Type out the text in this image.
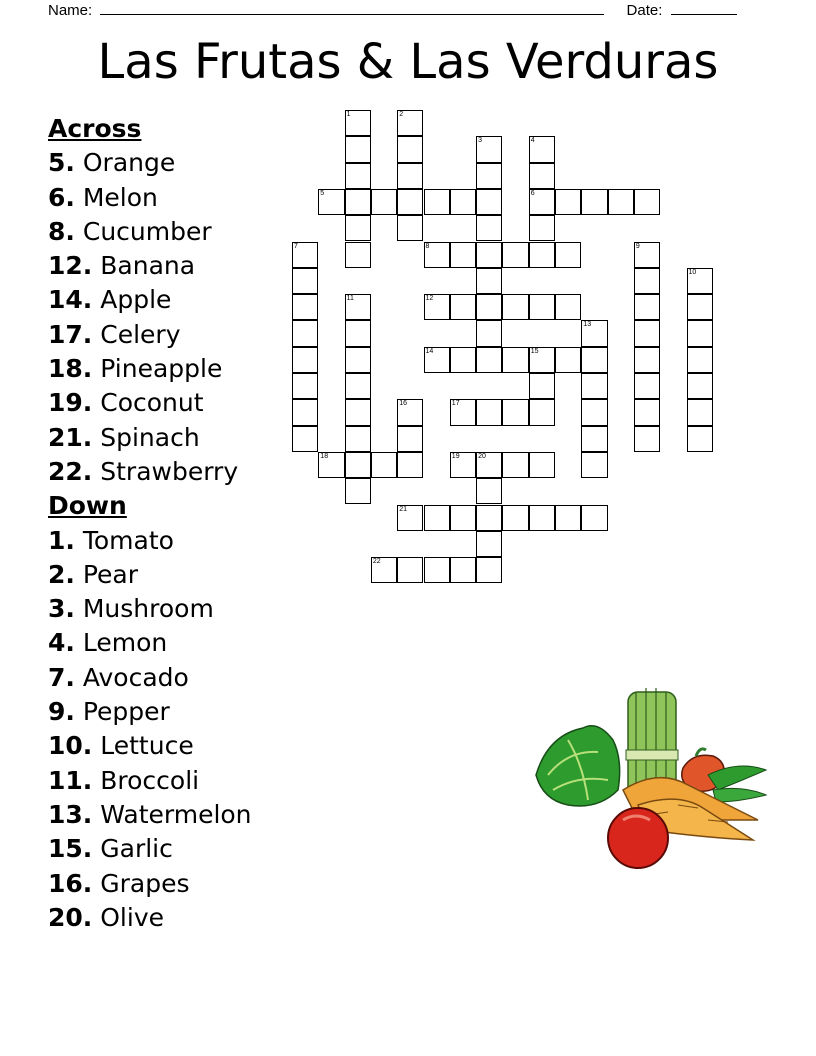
Name:	Date:
Las Frutas & Las Verduras
Across
5. Orange
6. Melon
8. Cucumber
12. Banana
14. Apple
17. Celery
18. Pineapple
19. Coconut
21. Spinach
22. Strawberry
Down
1. Tomato
2. Pear
3. Mushroom
4. Lemon
7. Avocado
9. Pepper
10. Lettuce
11. Broccoli
13. Watermelon
15. Garlic
16. Grapes
20. Olive
5	6
8
12
14	15
17
18	19	20
21
22
1	2
3	4
7	9
10
11
13
16
